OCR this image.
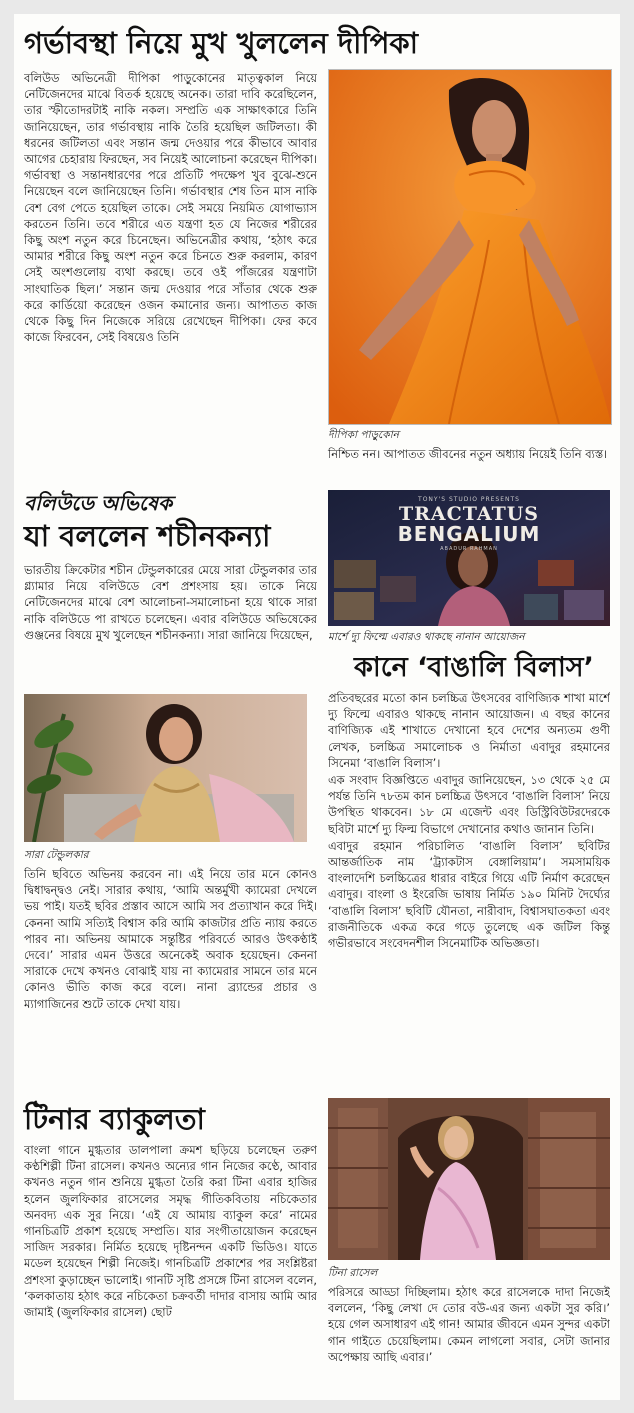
গর্ভাবস্থা নিয়ে মুখ খুললেন দীপিকা

বলিউড অভিনেত্রী দীপিকা পাড়ুকোনের মাতৃত্বকাল নিয়ে নেটিজেনদের মাঝে বিতর্ক হয়েছে অনেক। তারা দাবি করেছিলেন, তার স্ফীতোদরটাই নাকি নকল। সম্প্রতি এক সাক্ষাৎকারে তিনি জানিয়েছেন, তার গর্ভাবস্থায় নাকি তৈরি হয়েছিল জটিলতা। কী ধরনের জটিলতা এবং সন্তান জন্ম দেওয়ার পরে কীভাবে আবার আগের চেহারায় ফিরছেন, সব নিয়েই আলোচনা করেছেন দীপিকা। গর্ভাবস্থা ও সন্তানধারণের পরে প্রতিটি পদক্ষেপ খুব বুঝে-শুনে নিয়েছেন বলে জানিয়েছেন তিনি। গর্ভাবস্থার শেষ তিন মাস নাকি বেশ বেগ পেতে হয়েছিল তাকে। সেই সময়ে নিয়মিত যোগাভ্যাস করতেন তিনি। তবে শরীরে এত যন্ত্রণা হত যে নিজের শরীরের কিছু অংশ নতুন করে চিনেছেন। অভিনেত্রীর কথায়, ‘হঠাৎ করে আমার শরীরে কিছু অংশ নতুন করে চিনতে শুরু করলাম, কারণ সেই অংশগুলোয় ব্যথা করছে। তবে ওই পাঁজরের যন্ত্রণাটা সাংঘাতিক ছিল।’ সন্তান জন্ম দেওয়ার পরে সাঁতার থেকে শুরু করে কার্ডিয়ো করেছেন ওজন কমানোর জন্য। আপাতত কাজ থেকে কিছু দিন নিজেকে সরিয়ে রেখেছেন দীপিকা। ফের কবে কাজে ফিরবেন, সেই বিষয়েও তিনি

দীপিকা পাড়ুকোন
নিশ্চিত নন। আপাতত জীবনের নতুন অধ্যায় নিয়েই তিনি ব্যস্ত।
বলিউডে অভিষেক
যা বললেন শচীনকন্যা
ভারতীয় ক্রিকেটার শচীন টেন্ডুলকারের মেয়ে সারা টেন্ডুলকার তার গ্ল্যামার নিয়ে বলিউডে বেশ প্রশংসায় হয়। তাকে নিয়ে নেটিজেনদের মাঝে বেশ আলোচনা-সমালোচনা হয়ে থাকে সারা নাকি বলিউডে পা রাখতে চলেছেন। এবার বলিউডে অভিষেকের গুঞ্জনের বিষয়ে মুখ খুলেছেন শচীনকন্যা। সারা জানিয়ে দিয়েছেন,
সারা টেন্ডুলকার
তিনি ছবিতে অভিনয় করবেন না। এই নিয়ে তার মনে কোনও দ্বিধাদ্বন্দ্বও নেই। সারার কথায়, ‘আমি অন্তর্মুখী ক্যামেরা দেখলে ভয় পাই। যতই ছবির প্রস্তাব আসে আমি সব প্রত্যাখান করে দিই। কেননা আমি সত্যিই বিশ্বাস করি আমি কাজটার প্রতি ন্যায় করতে পারব না। অভিনয় আমাকে সন্তুষ্টির পরিবর্তে আরও উৎকণ্ঠাই দেবে।’ সারার এমন উত্তরে অনেকেই অবাক হয়েছেন। কেননা সারাকে দেখে কখনও বোঝাই যায় না ক্যামেরার সামনে তার মনে কোনও ভীতি কাজ করে বলে। নানা ব্র্যান্ডের প্রচার ও ম্যাগাজিনের শুটে তাকে দেখা যায়।
TONY'S STUDIO PRESENTS
TRACTATUS
BENGALIUM
ABADUR RAHMAN
মার্শে দ্যু ফিল্মে এবারও থাকছে নানান আয়োজন
কানে ‘বাঙালি বিলাস’

প্রতিবছরের মতো কান চলচ্চিত্র উৎসবের বাণিজ্যিক শাখা মার্শে দ্যু ফিল্মে এবারও থাকছে নানান আয়োজন। এ বছর কানের বাণিজ্যিক এই শাখাতে দেখানো হবে দেশের অন্যতম গুণী লেখক, চলচ্চিত্র সমালোচক ও নির্মাতা এবাদুর রহমানের সিনেমা ‘বাঙালি বিলাস’।

এক সংবাদ বিজ্ঞপ্তিতে এবাদুর জানিয়েছেন, ১৩ থেকে ২৫ মে পর্যন্ত তিনি ৭৮তম কান চলচ্চিত্র উৎসবে ‘বাঙালি বিলাস’ নিয়ে উপস্থিত থাকবেন। ১৮ মে এজেন্ট এবং ডিস্ট্রিবিউটরদেরকে ছবিটা মার্শে দ্যু ফিল্ম বিভাগে দেখানোর কথাও জানান তিনি।

এবাদুর রহমান পরিচালিত ‘বাঙালি বিলাস’ ছবিটির আন্তর্জাতিক নাম ‘ট্র্যাকটাস বেঙ্গালিয়াম’। সমসাময়িক বাংলাদেশি চলচ্চিত্রের ধারার বাইরে গিয়ে এটি নির্মাণ করেছেন এবাদুর। বাংলা ও ইংরেজি ভাষায় নির্মিত ১৯০ মিনিট দৈর্ঘ্যের ‘বাঙালি বিলাস’ ছবিটি যৌনতা, নারীবাদ, বিশ্বাসঘাতকতা এবং রাজনীতিকে একত্র করে গড়ে তুলেছে এক জটিল কিন্তু গভীরভাবে সংবেদনশীল সিনেমাটিক অভিজ্ঞতা।

টিনার ব্যাকুলতা
বাংলা গানে মুগ্ধতার ডালপালা ক্রমশ ছড়িয়ে চলেছেন তরুণ কণ্ঠশিল্পী টিনা রাসেল। কখনও অন্যের গান নিজের কণ্ঠে, আবার কখনও নতুন গান শুনিয়ে মুগ্ধতা তৈরি করা টিনা এবার হাজির হলেন জুলফিকার রাসেলের সমৃদ্ধ গীতিকবিতায় নচিকেতার অনবদ্য এক সুর নিয়ে। ‘এই যে আমায় ব্যাকুল করে’ নামের গানচিত্রটি প্রকাশ হয়েছে সম্প্রতি। যার সংগীতায়োজন করেছেন সাজিদ সরকার। নির্মিত হয়েছে দৃষ্টিনন্দন একটি ভিডিও। যাতে মডেল হয়েছেন শিল্পী নিজেই। গানচিত্রটি প্রকাশের পর সংশ্লিষ্টরা প্রশংসা কুড়াচ্ছেন ভালোই। গানটি সৃষ্টি প্রসঙ্গে টিনা রাসেল বলেন, ‘কলকাতায় হঠাৎ করে নচিকেতা চক্রবর্তী দাদার বাসায় আমি আর জামাই (জুলফিকার রাসেল) ছোট
টিনা রাসেল
পরিসরে আড্ডা দিচ্ছিলাম। হঠাৎ করে রাসেলকে দাদা নিজেই বললেন, ‘কিছু লেখা দে তোর বউ-এর জন্য একটা সুর করি।’ হয়ে গেল অসাধারণ এই গান! আমার জীবনে এমন সুন্দর একটা গান গাইতে চেয়েছিলাম। কেমন লাগলো সবার, সেটা জানার অপেক্ষায় আছি এবার।’
